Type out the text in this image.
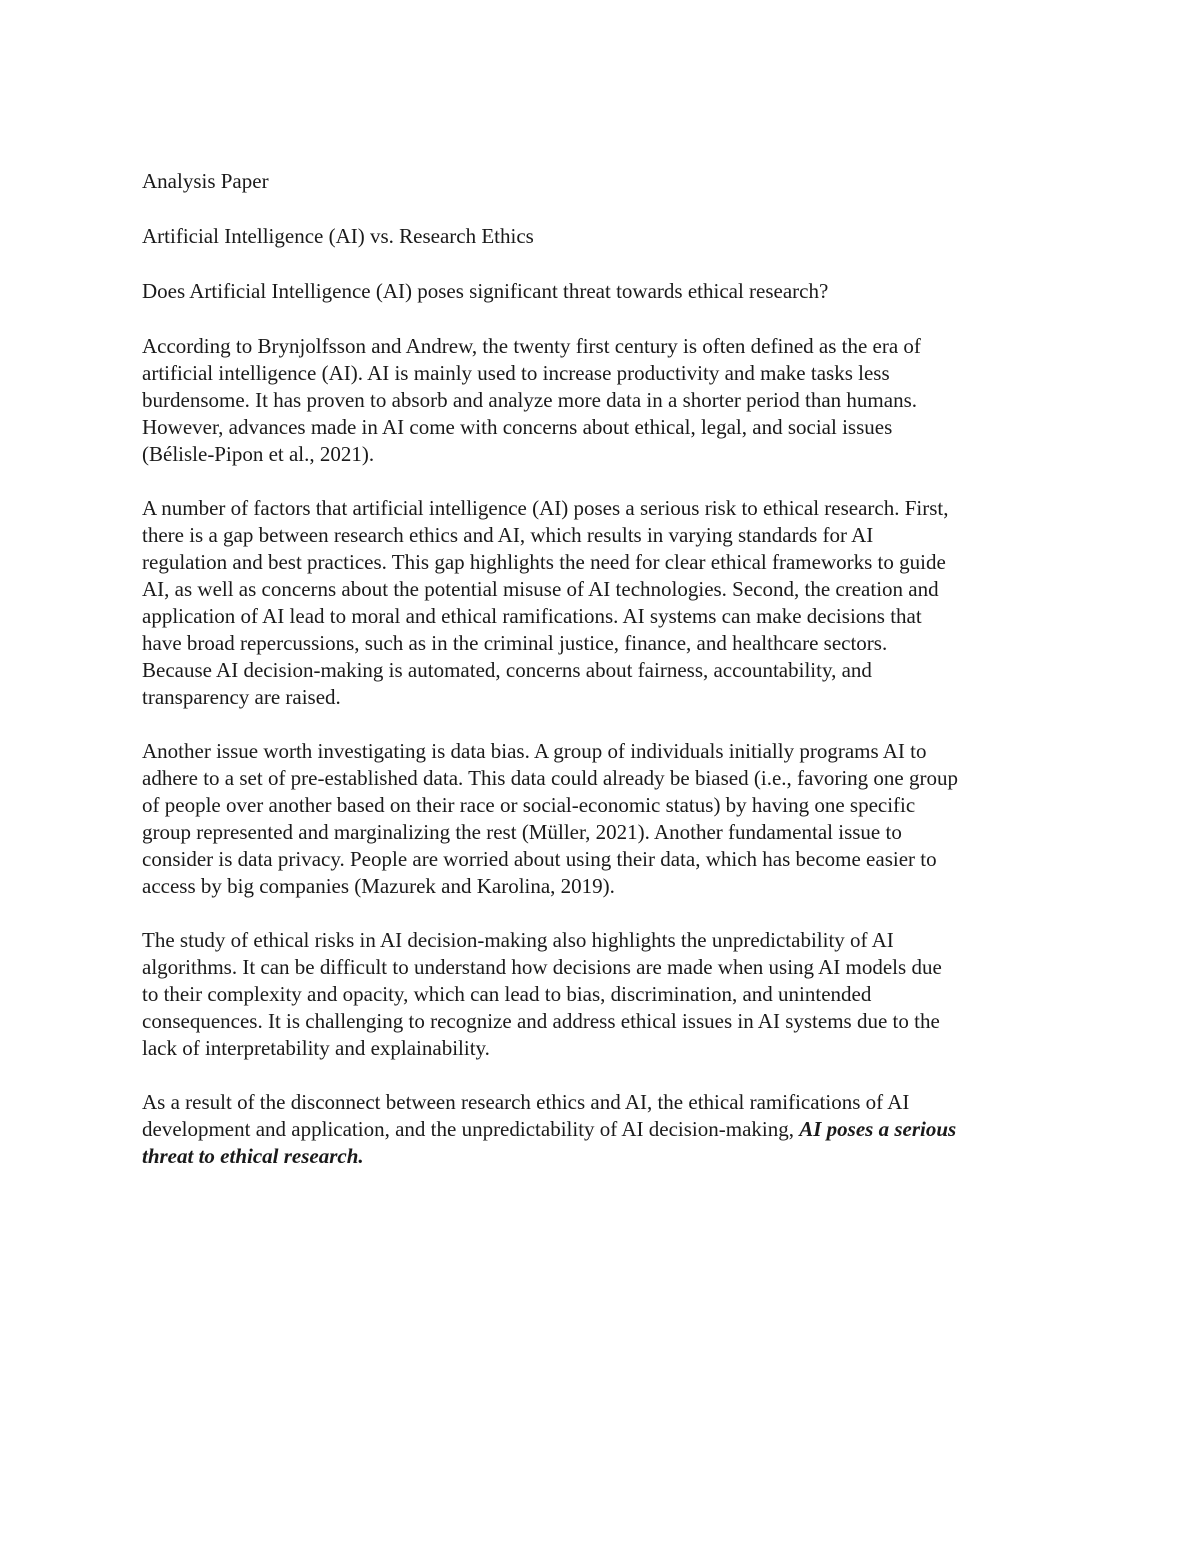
Analysis Paper
Artificial Intelligence (AI) vs. Research Ethics
Does Artificial Intelligence (AI) poses significant threat towards ethical research?
According to Brynjolfsson and Andrew, the twenty first century is often defined as the era of
artificial intelligence (AI). AI is mainly used to increase productivity and make tasks less
burdensome. It has proven to absorb and analyze more data in a shorter period than humans.
However, advances made in AI come with concerns about ethical, legal, and social issues
(Bélisle-Pipon et al., 2021).
A number of factors that artificial intelligence (AI) poses a serious risk to ethical research. First,
there is a gap between research ethics and AI, which results in varying standards for AI
regulation and best practices. This gap highlights the need for clear ethical frameworks to guide
AI, as well as concerns about the potential misuse of AI technologies. Second, the creation and
application of AI lead to moral and ethical ramifications. AI systems can make decisions that
have broad repercussions, such as in the criminal justice, finance, and healthcare sectors.
Because AI decision-making is automated, concerns about fairness, accountability, and
transparency are raised.
Another issue worth investigating is data bias. A group of individuals initially programs AI to
adhere to a set of pre-established data. This data could already be biased (i.e., favoring one group
of people over another based on their race or social-economic status) by having one specific
group represented and marginalizing the rest (Müller, 2021). Another fundamental issue to
consider is data privacy. People are worried about using their data, which has become easier to
access by big companies (Mazurek and Karolina, 2019).
The study of ethical risks in AI decision-making also highlights the unpredictability of AI
algorithms. It can be difficult to understand how decisions are made when using AI models due
to their complexity and opacity, which can lead to bias, discrimination, and unintended
consequences. It is challenging to recognize and address ethical issues in AI systems due to the
lack of interpretability and explainability.
As a result of the disconnect between research ethics and AI, the ethical ramifications of AI
development and application, and the unpredictability of AI decision-making, AI poses a serious
threat to ethical research.
